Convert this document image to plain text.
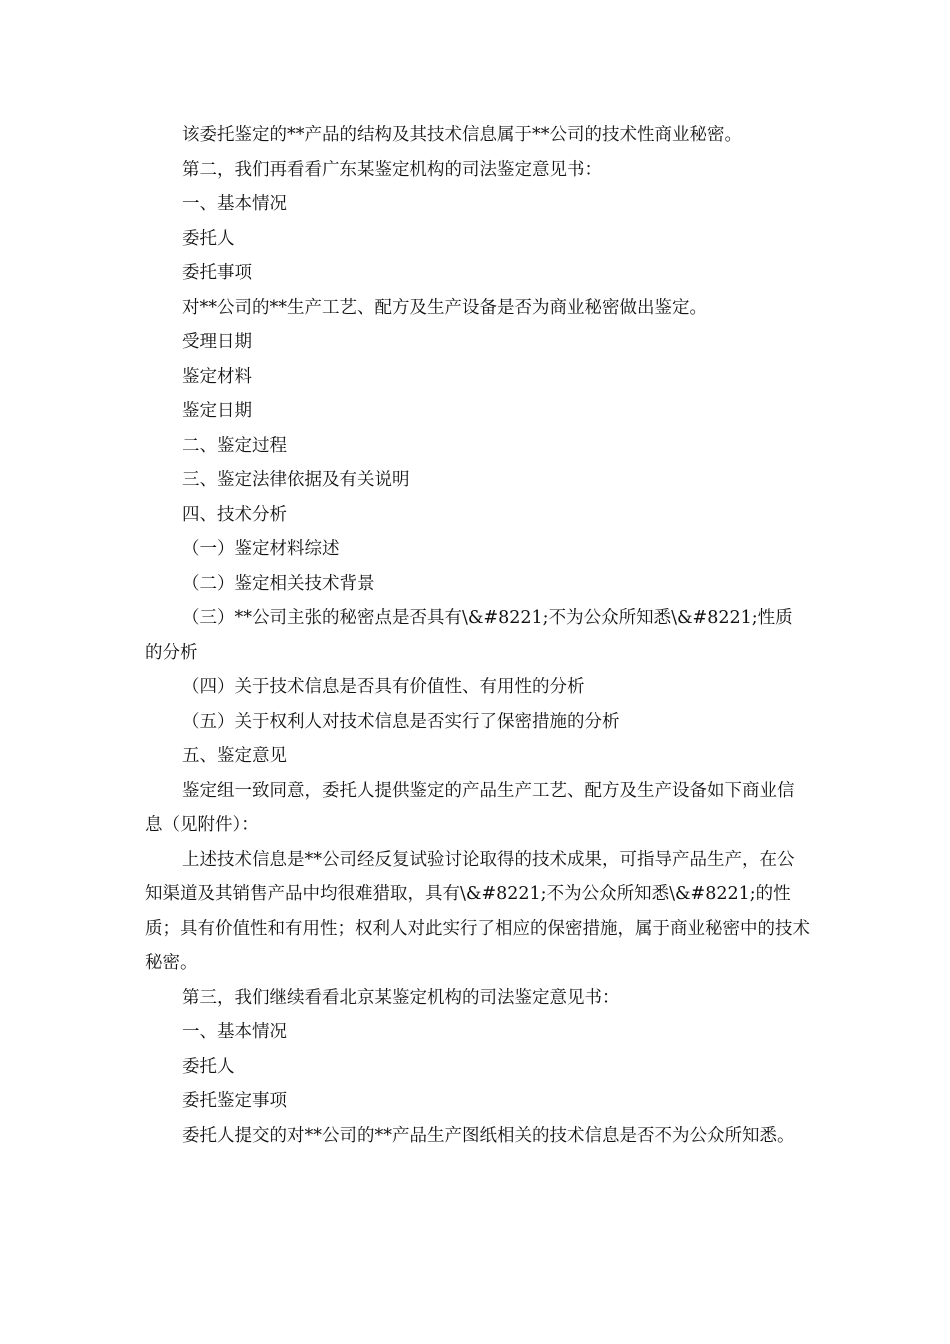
该委托鉴定的**产品的结构及其技术信息属于**公司的技术性商业秘密。

第二，我们再看看广东某鉴定机构的司法鉴定意见书：

一、基本情况

委托人

委托事项

对**公司的**生产工艺、配方及生产设备是否为商业秘密做出鉴定。

受理日期

鉴定材料

鉴定日期

二、鉴定过程

三、鉴定法律依据及有关说明

四、技术分析

（一）鉴定材料综述

（二）鉴定相关技术背景

（三）**公司主张的秘密点是否具有\&#8221;不为公众所知悉\&#8221;性质的分析

（四）关于技术信息是否具有价值性、有用性的分析

（五）关于权利人对技术信息是否实行了保密措施的分析

五、鉴定意见

鉴定组一致同意，委托人提供鉴定的产品生产工艺、配方及生产设备如下商业信息（见附件）：

上述技术信息是**公司经反复试验讨论取得的技术成果，可指导产品生产，在公知渠道及其销售产品中均很难猎取，具有\&#8221;不为公众所知悉\&#8221;的性质；具有价值性和有用性；权利人对此实行了相应的保密措施，属于商业秘密中的技术秘密。

第三，我们继续看看北京某鉴定机构的司法鉴定意见书：

一、基本情况

委托人

委托鉴定事项

委托人提交的对**公司的**产品生产图纸相关的技术信息是否不为公众所知悉。
